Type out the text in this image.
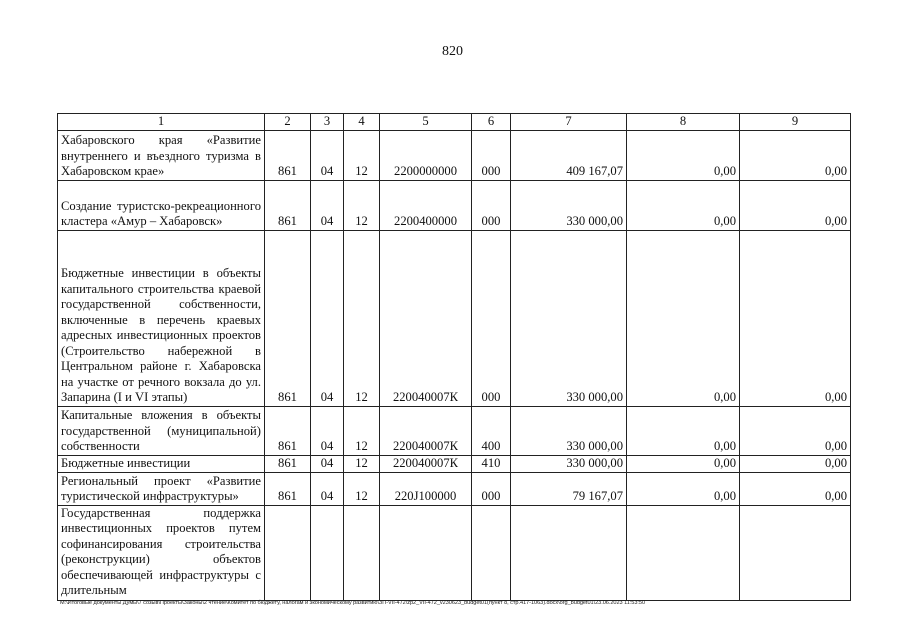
820
1	2	3	4	5	6	7	8	9
Хабаровского края «Развитие внутреннего и въездного туризма в Хабаровском крае»	861	04	12	2200000000	000	409 167,07	0,00	0,00
Создание туристско-рекреационного кластера «Амур – Хабаровск»	861	04	12	2200400000	000	330 000,00	0,00	0,00
Бюджетные инвестиции в объекты капитального строительства краевой государственной собственности, включенные в перечень краевых адресных инвестиционных проектов (Строительство набережной в Центральном районе г. Хабаровска на участке от речного вокзала до ул. Запарина (I и VI этапы)	861	04	12	220040007К	000	330 000,00	0,00	0,00
Капитальные вложения в объекты государственной (муниципальной) собственности	861	04	12	220040007К	400	330 000,00	0,00	0,00
Бюджетные инвестиции	861	04	12	220040007К	410	330 000,00	0,00	0,00
Региональный проект «Развитие туристической инфраструктуры»	861	04	12	220J100000	000	79 167,07	0,00	0,00
Государственная поддержка инвестиционных проектов путем софинансирования строительства (реконструкции) объектов обеспечивающей инфраструктуры с длительным								
M:\Итоговые документы Думы\7 созыв\Проекты\Законы\2 чтение\Комитет по бюджету, налогам и экономическому развитию\ЗП-VII-472\zp2_VII-472_v230623_budget01(пункт 8, стр.417-1063).docx\org_budget01\23.06.2023 11:53:50
